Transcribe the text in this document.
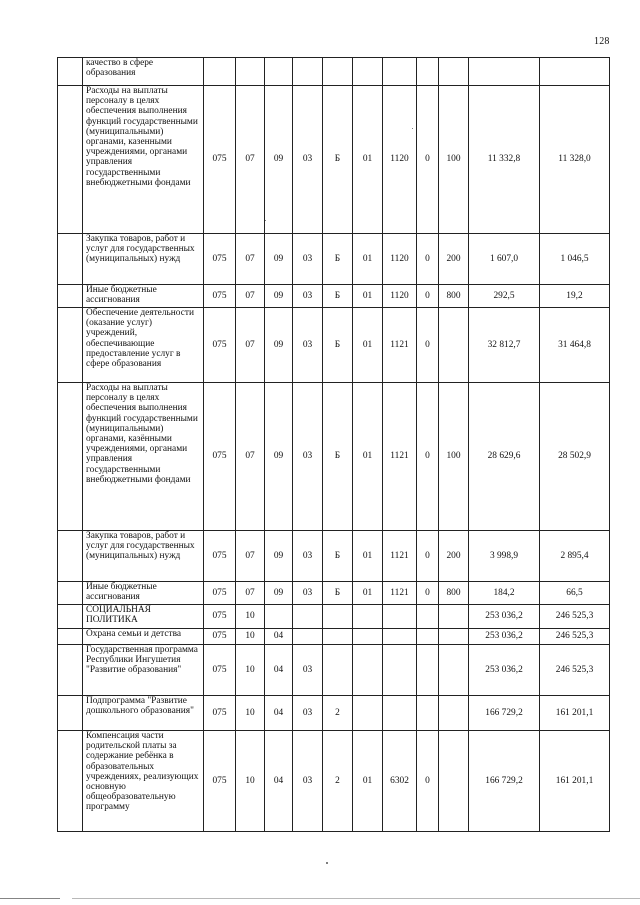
128
	качество в сфере образования											
	Расходы на выплаты персоналу в целях обеспечения выполнения функций государственными (муниципальными) органами, казенными учреждениями, органами управления государственными внебюджетными фондами	075	07	09	03	Б	01	1120	0	100	11 332,8	11 328,0
	Закупка товаров, работ и услуг для государственных (муниципальных) нужд	075	07	09	03	Б	01	1120	0	200	1 607,0	1 046,5
	Иные бюджетные ассигнования	075	07	09	03	Б	01	1120	0	800	292,5	19,2
	Обеспечение деятельности (оказание услуг) учреждений, обеспечивающие предоставление услуг в сфере образования	075	07	09	03	Б	01	1121	0		32 812,7	31 464,8
	Расходы на выплаты персоналу в целях обеспечения выполнения функций государственными (муниципальными) органами, казёнными учреждениями, органами управления государственными внебюджетными фондами	075	07	09	03	Б	01	1121	0	100	28 629,6	28 502,9
	Закупка товаров, работ и услуг для государственных (муниципальных) нужд	075	07	09	03	Б	01	1121	0	200	3 998,9	2 895,4
	Иные бюджетные ассигнования	075	07	09	03	Б	01	1121	0	800	184,2	66,5
	СОЦИАЛЬНАЯ ПОЛИТИКА	075	10								253 036,2	246 525,3
	Охрана семьи и детства	075	10	04							253 036,2	246 525,3
	Государственная программа Республики Ингушетия "Развитие образования"	075	10	04	03						253 036,2	246 525,3
	Подпрограмма "Развитие дошкольного образования"	075	10	04	03	2					166 729,2	161 201,1
	Компенсация части родительской платы за содержание ребёнка в образовательных учреждениях, реализующих основную общеобразовательную программу	075	10	04	03	2	01	6302	0		166 729,2	161 201,1
